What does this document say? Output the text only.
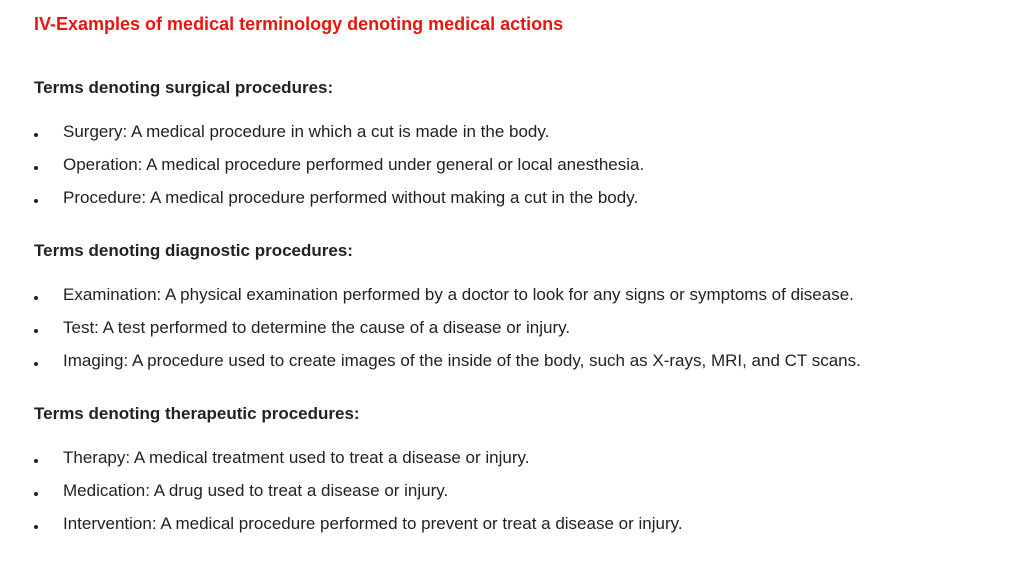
IV-Examples of medical terminology denoting medical actions
Terms denoting surgical procedures:
Surgery: A medical procedure in which a cut is made in the body.
Operation: A medical procedure performed under general or local anesthesia.
Procedure: A medical procedure performed without making a cut in the body.
Terms denoting diagnostic procedures:
Examination: A physical examination performed by a doctor to look for any signs or symptoms of disease.
Test: A test performed to determine the cause of a disease or injury.
Imaging: A procedure used to create images of the inside of the body, such as X-rays, MRI, and CT scans.
Terms denoting therapeutic procedures:
Therapy: A medical treatment used to treat a disease or injury.
Medication: A drug used to treat a disease or injury.
Intervention: A medical procedure performed to prevent or treat a disease or injury.
